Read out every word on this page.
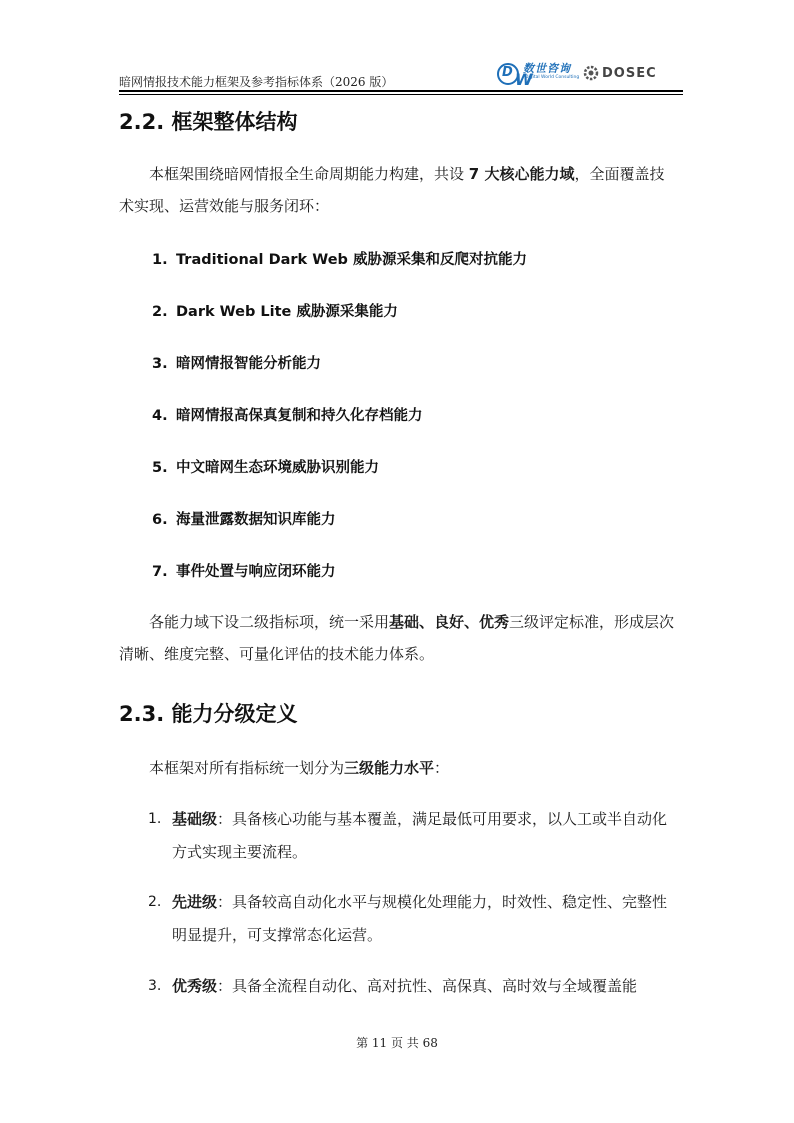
暗网情报技术能力框架及参考指标体系（2026 版）
D W
数世咨询
Digital World Consulting DOSEC
2.2. 框架整体结构
本框架围绕暗网情报全生命周期能力构建，共设 7 大核心能力域，全面覆盖技术实现、运营效能与服务闭环：
1. Traditional Dark Web 威胁源采集和反爬对抗能力
2. Dark Web Lite 威胁源采集能力
3. 暗网情报智能分析能力
4. 暗网情报高保真复制和持久化存档能力
5. 中文暗网生态环境威胁识别能力
6. 海量泄露数据知识库能力
7. 事件处置与响应闭环能力
各能力域下设二级指标项，统一采用基础、良好、优秀三级评定标准，形成层次清晰、维度完整、可量化评估的技术能力体系。
2.3. 能力分级定义
本框架对所有指标统一划分为三级能力水平：
1. 基础级：具备核心功能与基本覆盖，满足最低可用要求，以人工或半自动化方式实现主要流程。
2. 先进级：具备较高自动化水平与规模化处理能力，时效性、稳定性、完整性明显提升，可支撑常态化运营。
3. 优秀级：具备全流程自动化、高对抗性、高保真、高时效与全域覆盖能
第 11 页 共 68
